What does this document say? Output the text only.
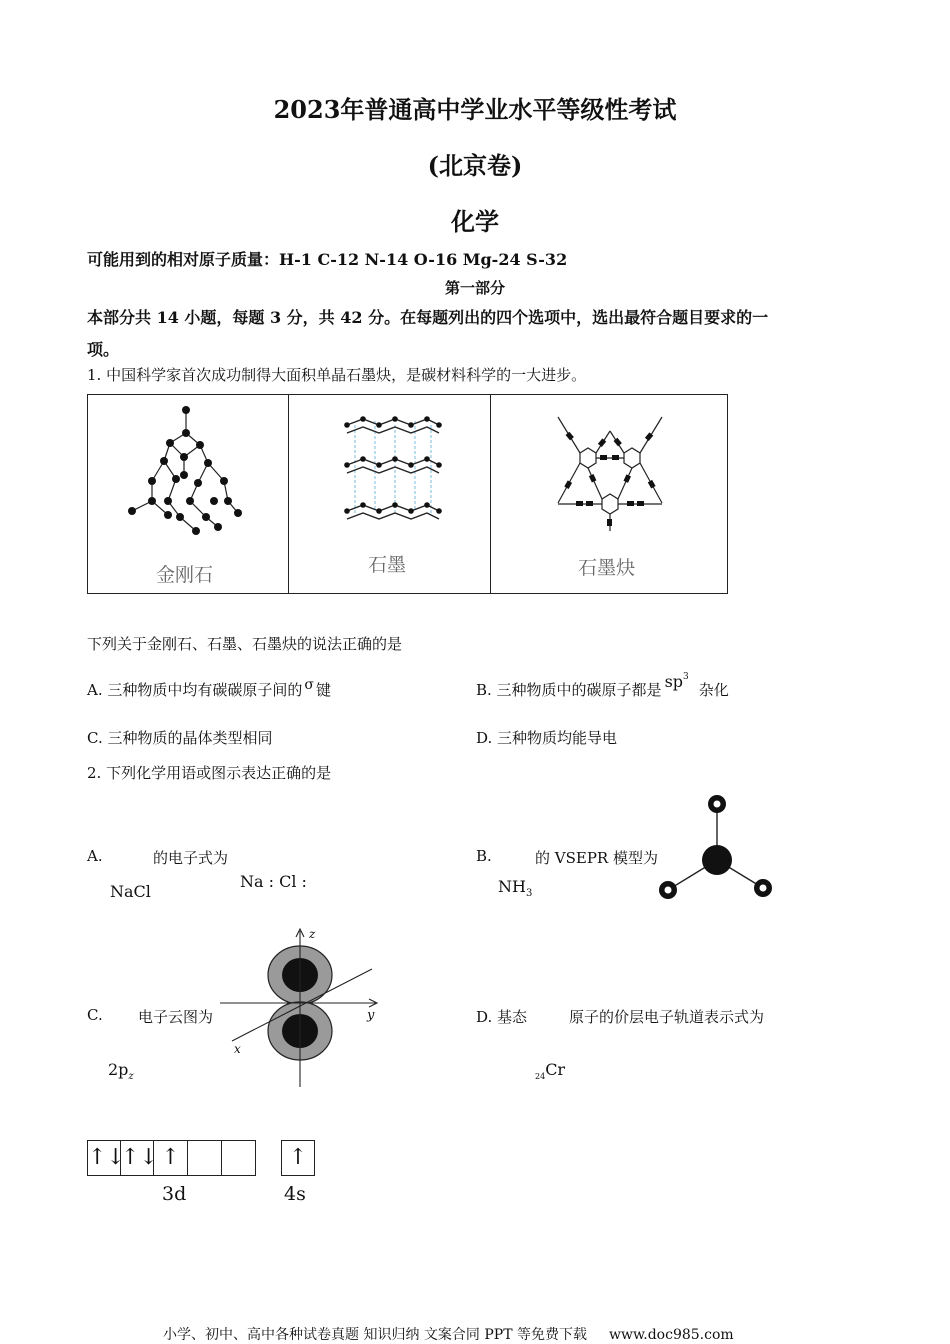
2023年普通高中学业水平等级性考试
(北京卷)
化学
可能用到的相对原子质量：H-1 C-12 N-14 O-16 Mg-24 S-32
第一部分
本部分共 14 小题，每题 3 分，共 42 分。在每题列出的四个选项中，选出最符合题目要求的一
项。
1. 中国科学家首次成功制得大面积单晶石墨炔，是碳材料科学的一大进步。
金刚石	石墨	石墨炔
下列关于金刚石、石墨、石墨炔的说法正确的是
A. 三种物质中均有碳碳原子间的 σ 键	B. 三种物质中的碳原子都是 $sp^3$杂化
C. 三种物质的晶体类型相同	D. 三种物质均能导电
2. 下列化学用语或图示表达正确的是
A.	的电子式为
NaCl
Na : Cl :
B.	的 VSEPR 模型为
$NH_3$
C. 电子云图为
$2p_z$
z
y
x
D. 基态	原子的价层电子轨道表示式为
$_{24}$Cr
↑↓
↑↓ ↑	↑
3d	4s
小学、初中、高中各种试卷真题 知识归纳 文案合同 PPT 等免费下载 www.doc985.com
